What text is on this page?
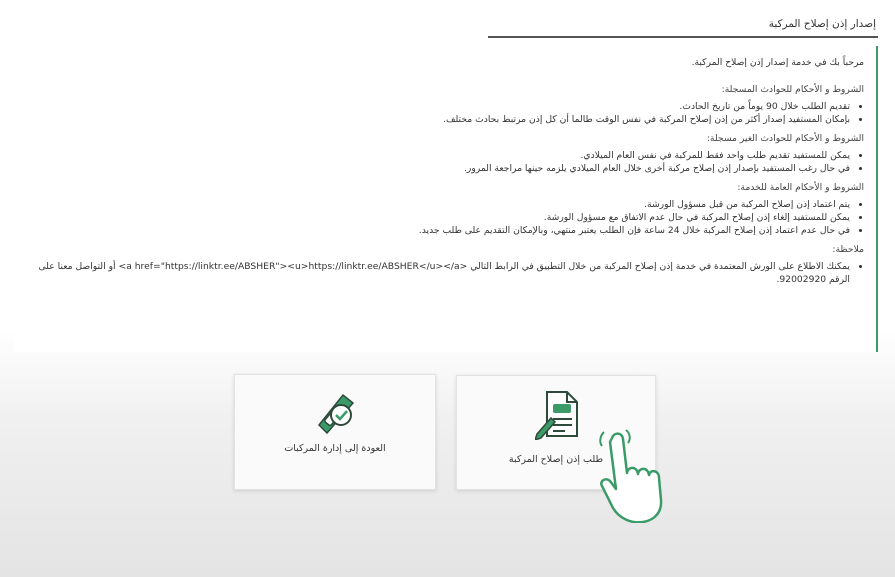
إصدار إذن إصلاح المركبة

مرحباً بك في خدمة إصدار إذن إصلاح المركبة.

الشروط و الأحكام للحوادث المسجلة:

• تقديم الطلب خلال 90 يوماً من تاريخ الحادث.
• بإمكان المستفيد إصدار أكثر من إذن إصلاح المركبة في نفس الوقت طالما أن كل إذن مرتبط بحادث مختلف.

الشروط و الأحكام للحوادث الغير مسجلة:

• يمكن للمستفيد تقديم طلب واحد فقط للمركبة في نفس العام الميلادي.
• في حال رغب المستفيد بإصدار إذن إصلاح مركبة أخرى خلال العام الميلادي يلزمه حينها مراجعة المرور.

الشروط و الأحكام العامة للخدمة:

• يتم اعتماد إذن إصلاح المركبة من قبل مسؤول الورشة.
• يمكن للمستفيد إلغاء إذن إصلاح المركبة في حال عدم الاتفاق مع مسؤول الورشة.
• في حال عدم اعتماد إذن إصلاح المركبة خلال 24 ساعة فإن الطلب يعتبر منتهي، وبالإمكان التقديم على طلب جديد.

ملاحظة:

• يمكنك الاطلاع على الورش المعتمدة في خدمة إذن إصلاح المركبة من خلال التطبيق في الرابط التالي <a href="https://linktr.ee/ABSHER"><u>https://linktr.ee/ABSHER</u></a> أو التواصل معنا على الرقم 92002920.
طلب إذن إصلاح المركبة
العودة إلى إدارة المركبات
